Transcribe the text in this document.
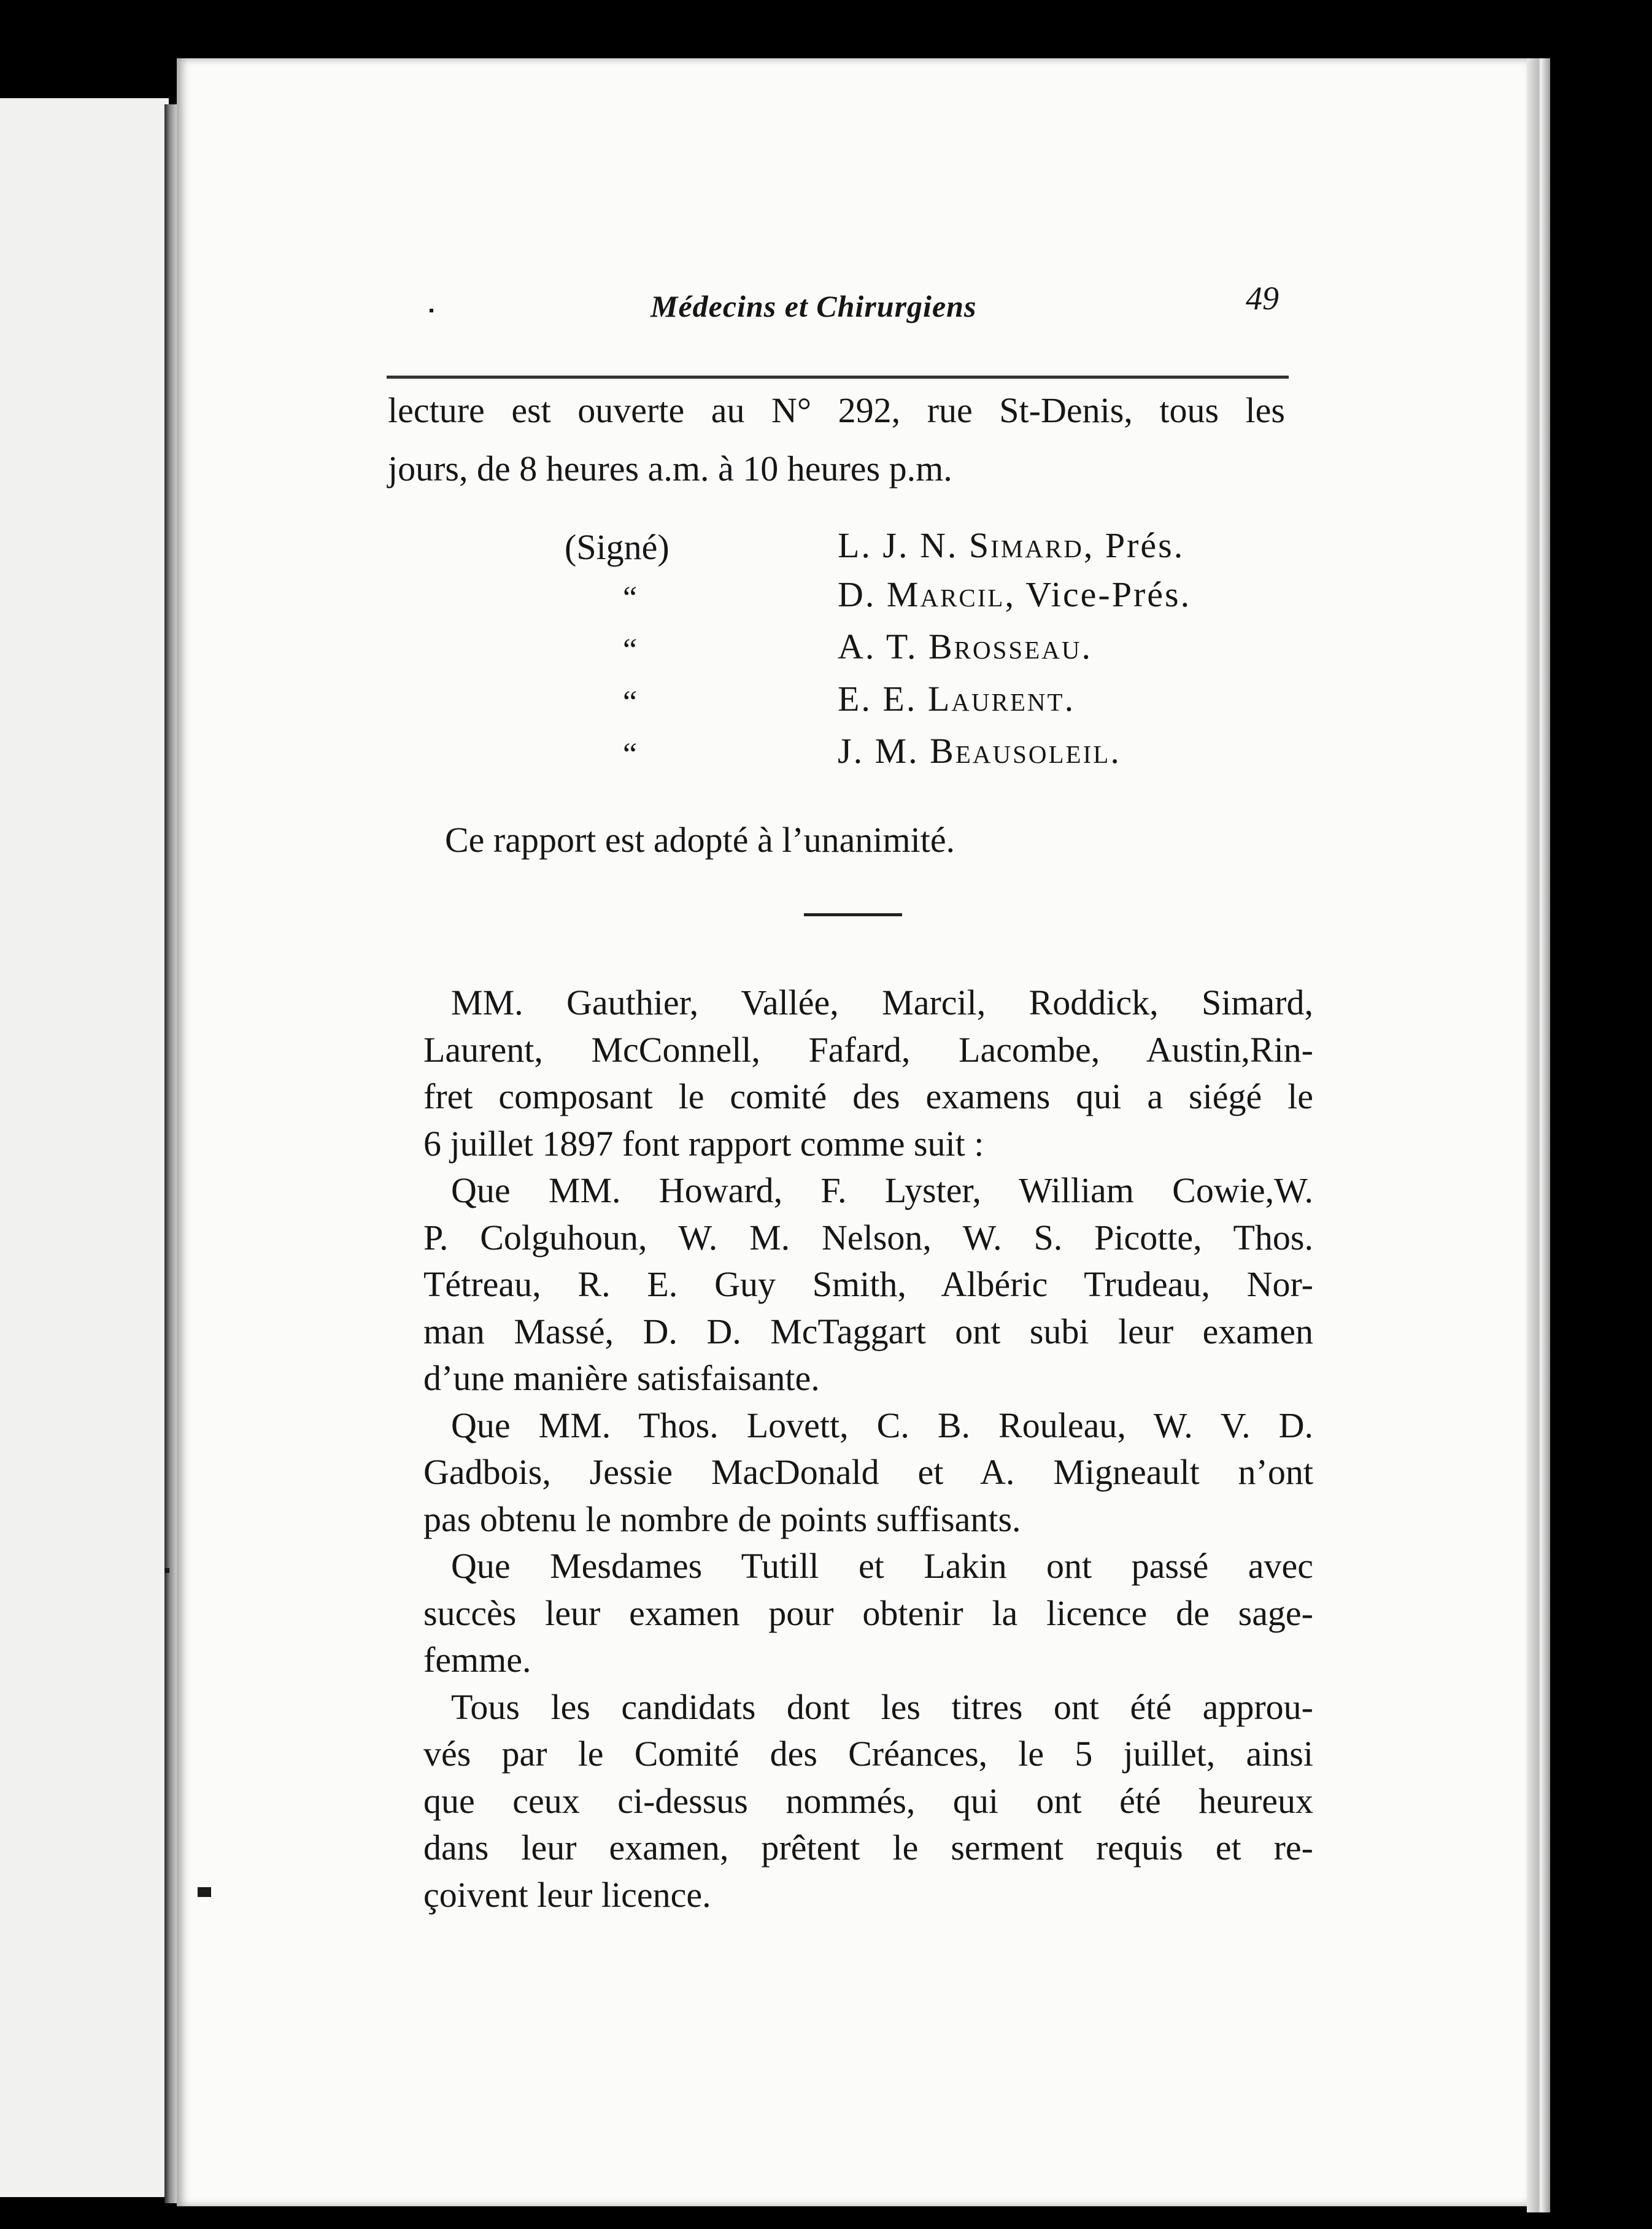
Médecins et Chirurgiens	49
lecture est ouverte au N° 292, rue St-Denis, tous les
jours, de 8 heures a.m. à 10 heures p.m.
(Signé)
“
“
“
“
L. J. N. Simard, Prés.
D. Marcil, Vice-Prés.
A. T. Brosseau.
E. E. Laurent.
J. M. Beausoleil.
Ce rapport est adopté à l’unanimité.
MM. Gauthier, Vallée, Marcil, Roddick, Simard,
Laurent, McConnell, Fafard, Lacombe, Austin,Rin-
fret composant le comité des examens qui a siégé le
6 juillet 1897 font rapport comme suit :
Que MM. Howard, F. Lyster, William Cowie,W.
P. Colguhoun, W. M. Nelson, W. S. Picotte, Thos.
Tétreau, R. E. Guy Smith, Albéric Trudeau, Nor-
man Massé, D. D. McTaggart ont subi leur examen
d’une manière satisfaisante.
Que MM. Thos. Lovett, C. B. Rouleau, W. V. D.
Gadbois, Jessie MacDonald et A. Migneault n’ont
pas obtenu le nombre de points suffisants.
Que Mesdames Tutill et Lakin ont passé avec
succès leur examen pour obtenir la licence de sage-
femme.
Tous les candidats dont les titres ont été approu-
vés par le Comité des Créances, le 5 juillet, ainsi
que ceux ci-dessus nommés, qui ont été heureux
dans leur examen, prêtent le serment requis et re-
çoivent leur licence.
